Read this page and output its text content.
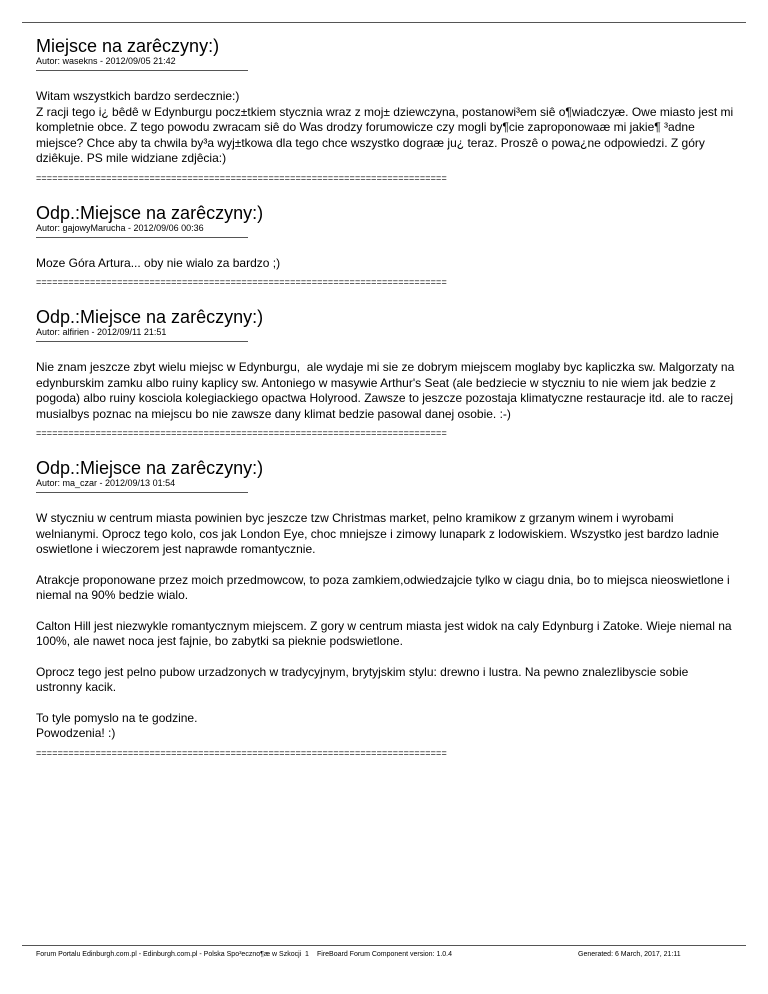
Miejsce na zarêczyny:)
Autor: wasekns - 2012/09/05 21:42

Witam wszystkich bardzo serdecznie:)
Z racji tego i¿ bêdê w Edynburgu pocz±tkiem stycznia wraz z moj± dziewczyna, postanowi³em siê o¶wiadczyæ. Owe miasto jest mi kompletnie obce. Z tego powodu zwracam siê do Was drodzy forumowicze czy mogli by¶cie zaproponowaæ mi jakie¶ ³adne miejsce? Chce aby ta chwila by³a wyj±tkowa dla tego chce wszystko dograæ ju¿ teraz. Proszê o powa¿ne odpowiedzi. Z góry dziêkuje. PS mile widziane zdjêcia:)

============================================================================
Odp.:Miejsce na zarêczyny:)
Autor: gajowyMarucha - 2012/09/06 00:36

Moze Góra Artura... oby nie wialo za bardzo ;)

============================================================================
Odp.:Miejsce na zarêczyny:)
Autor: alfirien - 2012/09/11 21:51

Nie znam jeszcze zbyt wielu miejsc w Edynburgu,  ale wydaje mi sie ze dobrym miejscem moglaby byc kapliczka sw. Malgorzaty na edynburskim zamku albo ruiny kaplicy sw. Antoniego w masywie Arthur's Seat (ale bedziecie w styczniu to nie wiem jak bedzie z pogoda) albo ruiny kosciola kolegiackiego opactwa Holyrood. Zawsze to jeszcze pozostaja klimatyczne restauracje itd. ale to raczej musialbys poznac na miejscu bo nie zawsze dany klimat bedzie pasowal danej osobie. :-)

============================================================================
Odp.:Miejsce na zarêczyny:)
Autor: ma_czar - 2012/09/13 01:54

W styczniu w centrum miasta powinien byc jeszcze tzw Christmas market, pelno kramikow z grzanym winem i wyrobami welnianymi. Oprocz tego kolo, cos jak London Eye, choc mniejsze i zimowy lunapark z lodowiskiem. Wszystko jest bardzo ladnie oswietlone i wieczorem jest naprawde romantycznie.

Atrakcje proponowane przez moich przedmowcow, to poza zamkiem,odwiedzajcie tylko w ciagu dnia, bo to miejsca nieoswietlone i niemal na 90% bedzie wialo.

Calton Hill jest niezwykle romantycznym miejscem. Z gory w centrum miasta jest widok na caly Edynburg i Zatoke. Wieje niemal na 100%, ale nawet noca jest fajnie, bo zabytki sa pieknie podswietlone.

Oprocz tego jest pelno pubow urzadzonych w tradycyjnym, brytyjskim stylu: drewno i lustra. Na pewno znalezlibyscie sobie ustronny kacik.

To tyle pomyslo na te godzine.
Powodzenia! :)

============================================================================
Forum Portalu Edinburgh.com.pl - Edinburgh.com.pl - Polska Spo³eczno¶æ w Szkocji 1 FireBoard Forum Component version: 1.0.4	Generated: 6 March, 2017, 21:11
